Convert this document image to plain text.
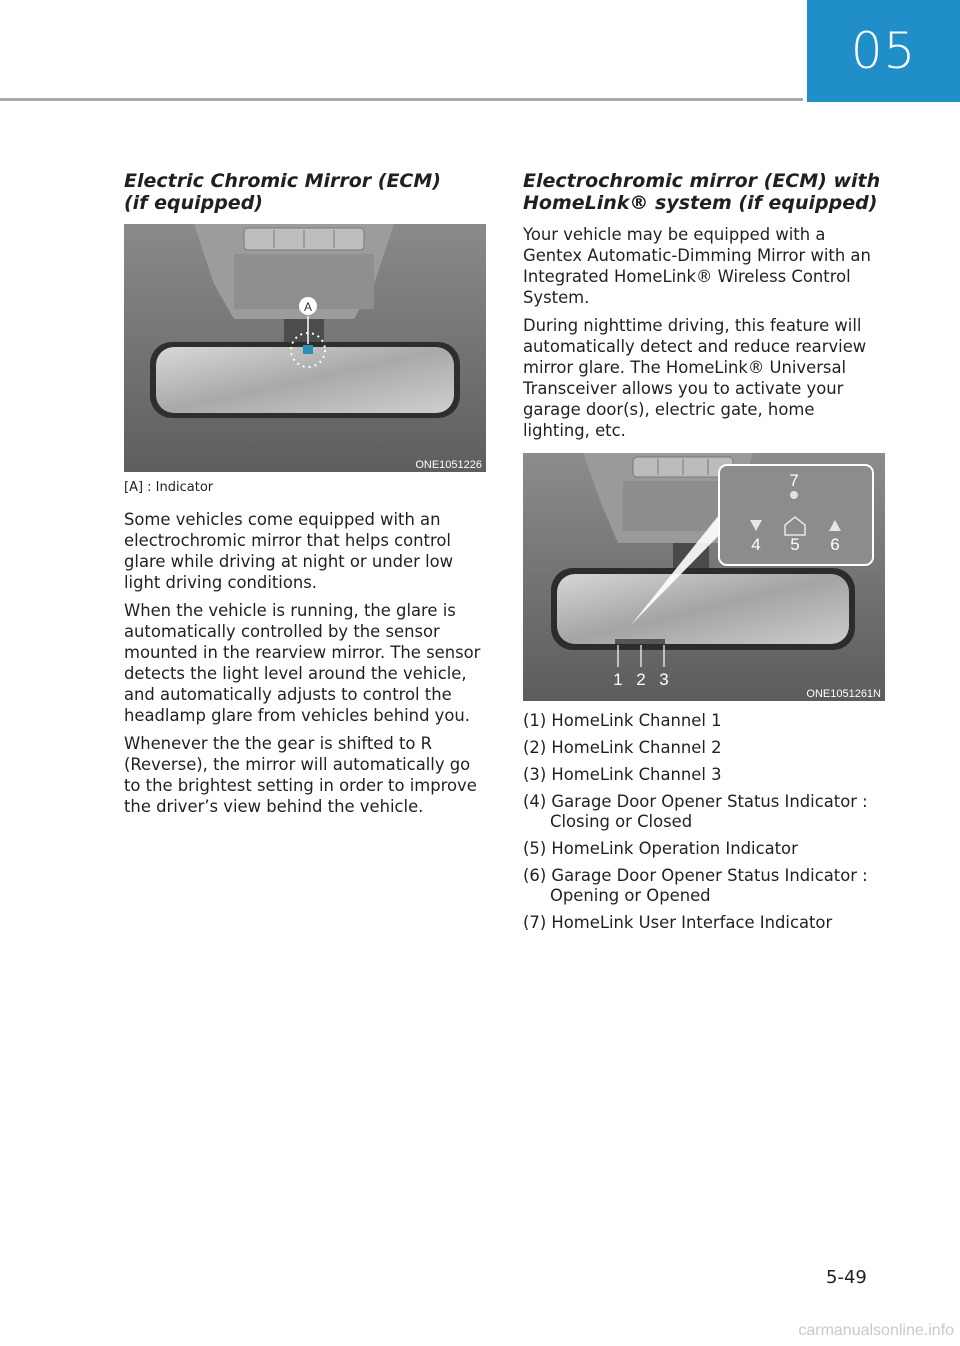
05
Electric Chromic Mirror (ECM)
(if equipped)
A
ONE1051226
[A] : Indicator

Some vehicles come equipped with an electrochromic mirror that helps control glare while driving at night or under low light driving conditions.

When the vehicle is running, the glare is automatically controlled by the sensor mounted in the rearview mirror. The sensor detects the light level around the vehicle, and automatically adjusts to control the headlamp glare from vehicles behind you.

Whenever the the gear is shifted to R (Reverse), the mirror will automatically go to the brightest setting in order to improve the driver’s view behind the vehicle.

Electrochromic mirror (ECM) with
HomeLink® system (if equipped)

Your vehicle may be equipped with a Gentex Automatic-Dimming Mirror with an Integrated HomeLink® Wireless Control System.

During nighttime driving, this feature will automatically detect and reduce rearview mirror glare. The HomeLink® Universal Transceiver allows you to activate your garage door(s), electric gate, home lighting, etc.

1 2 3
7
4 5 6
ONE1051261N
(1) HomeLink Channel 1
(2) HomeLink Channel 2
(3) HomeLink Channel 3
(4) Garage Door Opener Status Indicator : Closing or Closed
(5) HomeLink Operation Indicator
(6) Garage Door Opener Status Indicator : Opening or Opened
(7) HomeLink User Interface Indicator
5-49
carmanualsonline.info
